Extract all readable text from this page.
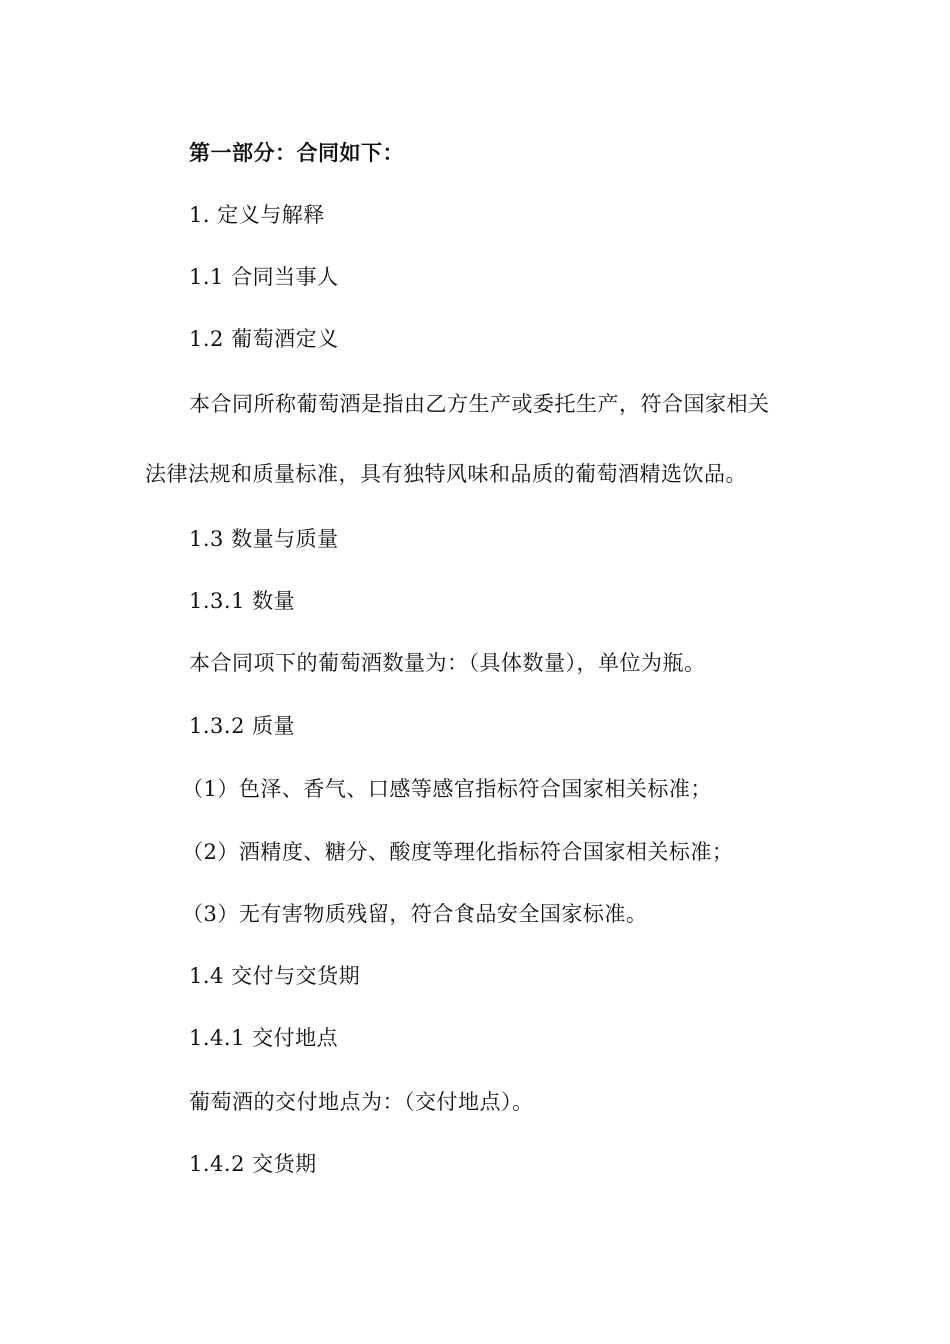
第一部分：合同如下：
1. 定义与解释
1.1 合同当事人
1.2 葡萄酒定义
本合同所称葡萄酒是指由乙方生产或委托生产，符合国家相关
法律法规和质量标准，具有独特风味和品质的葡萄酒精选饮品。
1.3 数量与质量
1.3.1 数量
本合同项下的葡萄酒数量为：（具体数量），单位为瓶。
1.3.2 质量
（1）色泽、香气、口感等感官指标符合国家相关标准；
（2）酒精度、糖分、酸度等理化指标符合国家相关标准；
（3）无有害物质残留，符合食品安全国家标准。
1.4 交付与交货期
1.4.1 交付地点
葡萄酒的交付地点为：（交付地点）。
1.4.2 交货期
